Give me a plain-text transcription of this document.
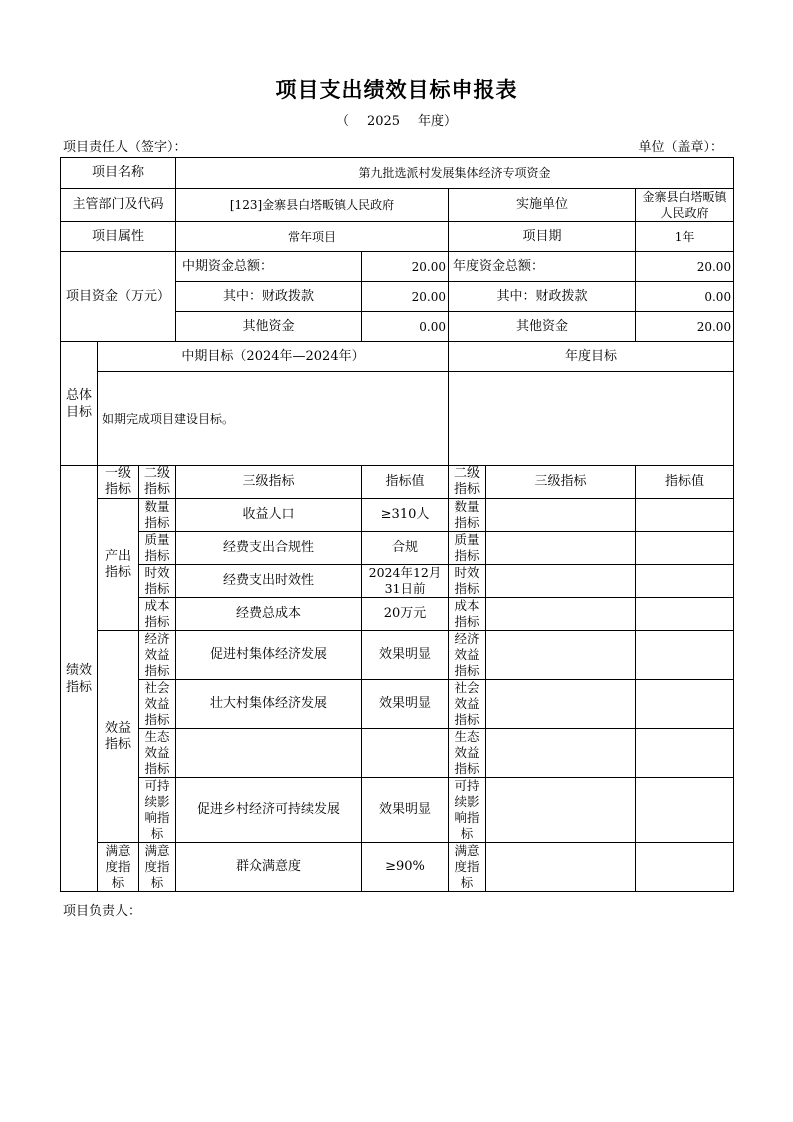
项目支出绩效目标申报表
（ 2025 年度）
项目责任人（签字）：	单位（盖章）：
项目名称			第九批选派村发展集体经济专项资金				
主管部门及代码			[123]金寨县白塔畈镇人民政府		实施单位		金寨县白塔畈镇人民政府
项目属性			常年项目		项目期		1年
项目资金（万元）			中期资金总额：	20.00	年度资金总额：		20.00
			其中：财政拨款	20.00	其中：财政拨款		0.00
			其他资金	0.00	其他资金		20.00
总体目标	中期目标（2024年—2024年）				年度目标		
	如期完成项目建设目标。						
绩效指标	一级指标	二级指标	三级指标	指标值	二级指标	三级指标	指标值
	产出指标	数量指标	收益人口	≥310人	数量指标		
		质量指标	经费支出合规性	合规	质量指标		
		时效指标	经费支出时效性	2024年12月31日前	时效指标		
		成本指标	经费总成本	20万元	成本指标		
	效益指标	经济效益指标	促进村集体经济发展	效果明显	经济效益指标		
		社会效益指标	壮大村集体经济发展	效果明显	社会效益指标		
		生态效益指标			生态效益指标		
		可持续影响指标	促进乡村经济可持续发展	效果明显	可持续影响指标		
	满意度指标	满意度指标	群众满意度	≥90%	满意度指标		
项目负责人：
